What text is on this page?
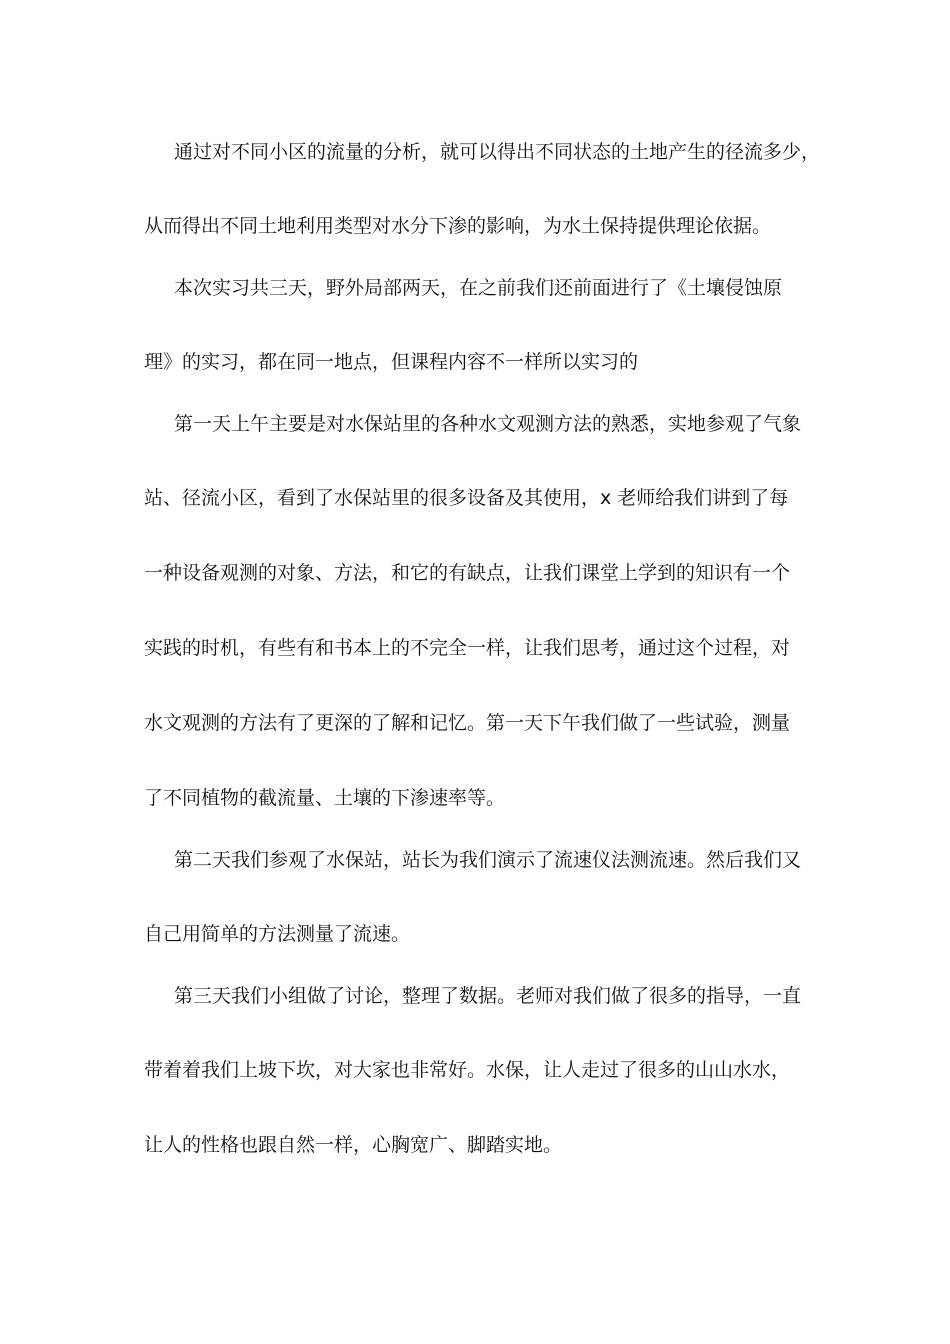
通过对不同小区的流量的分析，就可以得出不同状态的土地产生的径流多少，
从而得出不同土地利用类型对水分下渗的影响，为水土保持提供理论依据。
本次实习共三天，野外局部两天，在之前我们还前面进行了《土壤侵蚀原
理》的实习，都在同一地点，但课程内容不一样所以实习的
第一天上午主要是对水保站里的各种水文观测方法的熟悉，实地参观了气象
站、径流小区，看到了水保站里的很多设备及其使用，x 老师给我们讲到了每
一种设备观测的对象、方法，和它的有缺点，让我们课堂上学到的知识有一个
实践的时机，有些有和书本上的不完全一样，让我们思考，通过这个过程，对
水文观测的方法有了更深的了解和记忆。第一天下午我们做了一些试验，测量
了不同植物的截流量、土壤的下渗速率等。
第二天我们参观了水保站，站长为我们演示了流速仪法测流速。然后我们又
自己用简单的方法测量了流速。
第三天我们小组做了讨论，整理了数据。老师对我们做了很多的指导，一直
带着着我们上坡下坎，对大家也非常好。水保，让人走过了很多的山山水水，
让人的性格也跟自然一样，心胸宽广、脚踏实地。
